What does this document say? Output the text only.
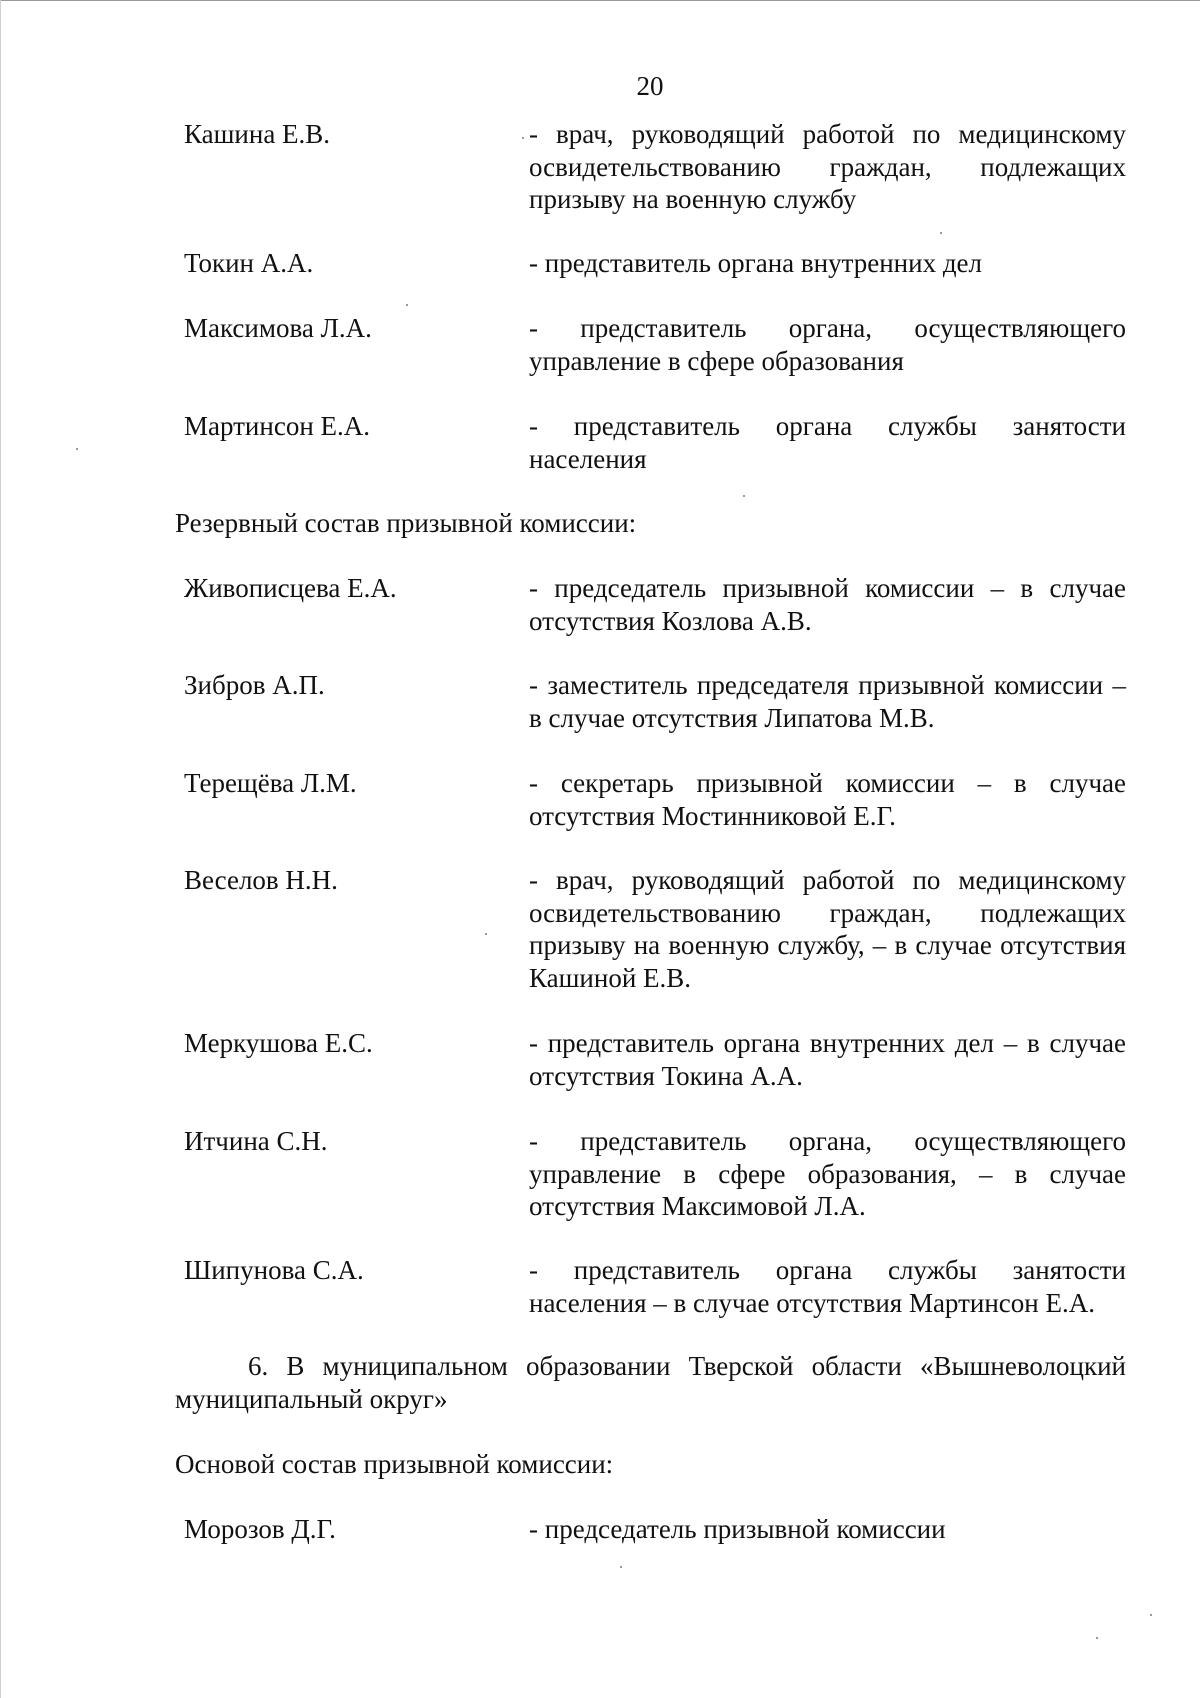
20
Кашина Е.В.	- врач, руководящий работой по медицинскому освидетельствованию граждан, подлежащих призыву на военную службу
Токин А.А.	- представитель органа внутренних дел
Максимова Л.А.	- представитель органа, осуществляющего управление в сфере образования
Мартинсон Е.А.	- представитель органа службы занятости населения
Резервный состав призывной комиссии:
Живописцева Е.А.	- председатель призывной комиссии – в случае отсутствия Козлова А.В.
Зибров А.П.	- заместитель председателя призывной комиссии – в случае отсутствия Липатова М.В.
Терещёва Л.М.	- секретарь призывной комиссии – в случае отсутствия Мостинниковой Е.Г.
Веселов Н.Н.	- врач, руководящий работой по медицинскому освидетельствованию граждан, подлежащих призыву на военную службу, – в случае отсутствия Кашиной Е.В.
Меркушова Е.С.	- представитель органа внутренних дел – в случае отсутствия Токина А.А.
Итчина С.Н.	- представитель органа, осуществляющего управление в сфере образования, – в случае отсутствия Максимовой Л.А.
Шипунова С.А.	- представитель органа службы занятости населения – в случае отсутствия Мартинсон Е.А.
6. В муниципальном образовании Тверской области «Вышневолоцкий муниципальный округ»
Основой состав призывной комиссии:
Морозов Д.Г.	- председатель призывной комиссии
